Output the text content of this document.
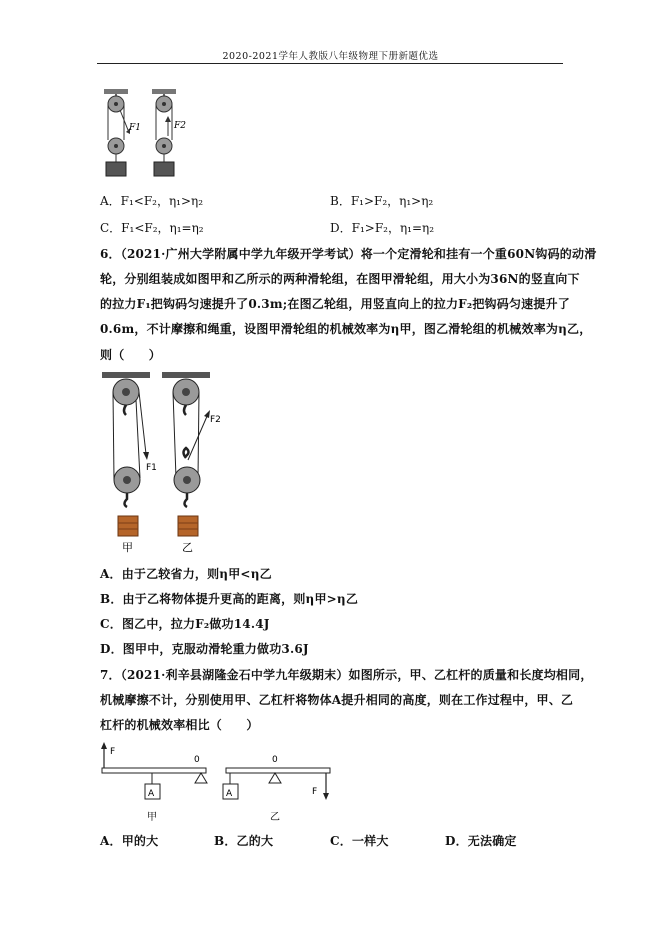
2020-2021学年人教版八年级物理下册新题优选
F1	F2
A．F₁<F₂，η₁>η₂	B．F₁>F₂，η₁>η₂
C．F₁<F₂，η₁=η₂	D．F₁>F₂，η₁=η₂
6．（2021·广州大学附属中学九年级开学考试）将一个定滑轮和挂有一个重60N钩码的动滑
轮，分别组装成如图甲和乙所示的两种滑轮组，在图甲滑轮组，用大小为36N的竖直向下
的拉力F₁把钩码匀速提升了0.3m;在图乙轮组，用竖直向上的拉力F₂把钩码匀速提升了
0.6m，不计摩擦和绳重，设图甲滑轮组的机械效率为η甲，图乙滑轮组的机械效率为η乙，
则（　　）
F1
甲
F2
乙
A．由于乙较省力，则η甲<η乙
B．由于乙将物体提升更高的距离，则η甲>η乙
C．图乙中，拉力F₂做功14.4J
D．图甲中，克服动滑轮重力做功3.6J
7．（2021·利辛县湖隆金石中学九年级期末）如图所示，甲、乙杠杆的质量和长度均相同，
机械摩擦不计，分别使用甲、乙杠杆将物体A提升相同的高度，则在工作过程中，甲、乙
杠杆的机械效率相比（　　）
F
0
A
甲
0
A	F
乙
A．甲的大	B．乙的大	C．一样大	D．无法确定
